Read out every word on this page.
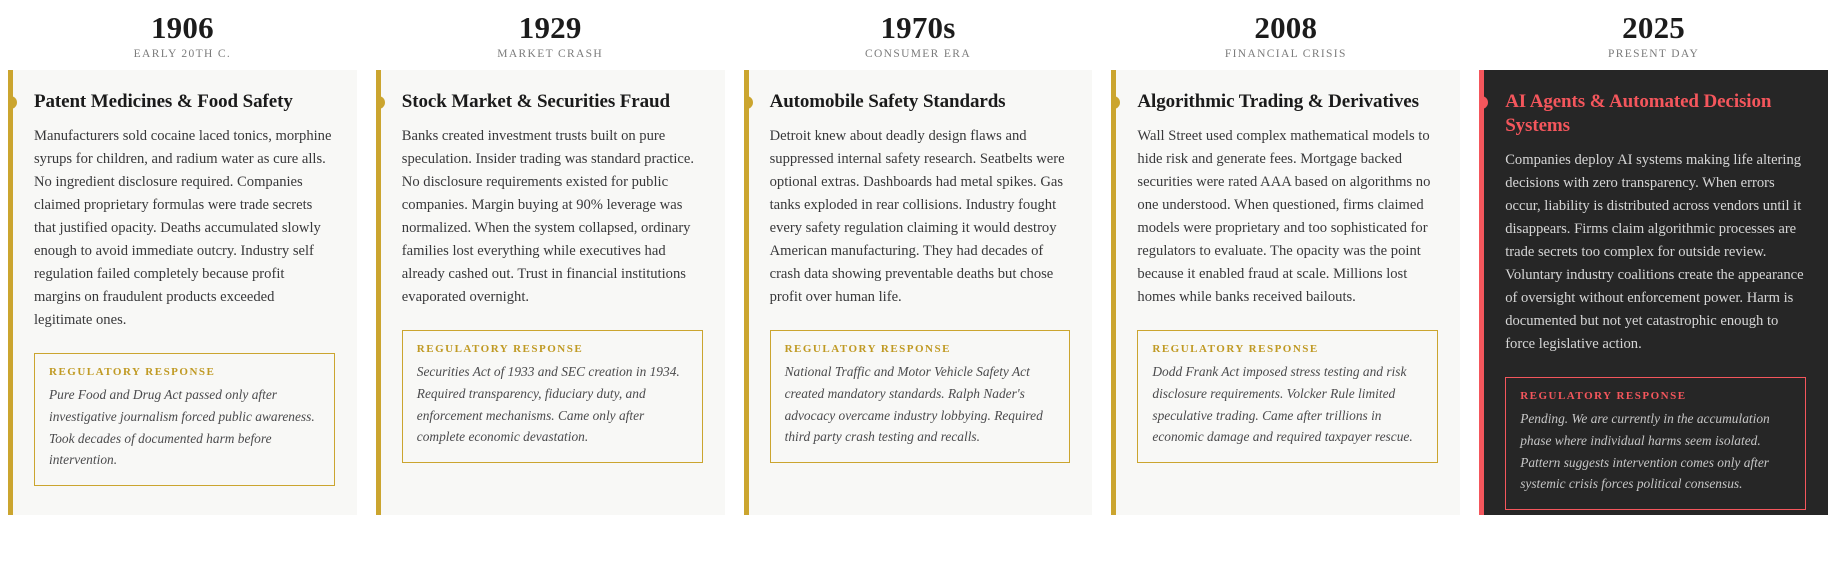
1906
EARLY 20TH C.
Patent Medicines & Food Safety

Manufacturers sold cocaine laced tonics, morphine syrups for children, and radium water as cure alls. No ingredient disclosure required. Companies claimed proprietary formulas were trade secrets that justified opacity. Deaths accumulated slowly enough to avoid immediate outcry. Industry self regulation failed completely because profit margins on fraudulent products exceeded legitimate ones.

REGULATORY RESPONSE

Pure Food and Drug Act passed only after investigative journalism forced public awareness. Took decades of documented harm before intervention.

1929
MARKET CRASH
Stock Market & Securities Fraud

Banks created investment trusts built on pure speculation. Insider trading was standard practice. No disclosure requirements existed for public companies. Margin buying at 90% leverage was normalized. When the system collapsed, ordinary families lost everything while executives had already cashed out. Trust in financial institutions evaporated overnight.

REGULATORY RESPONSE

Securities Act of 1933 and SEC creation in 1934. Required transparency, fiduciary duty, and enforcement mechanisms. Came only after complete economic devastation.

1970s
CONSUMER ERA
Automobile Safety Standards

Detroit knew about deadly design flaws and suppressed internal safety research. Seatbelts were optional extras. Dashboards had metal spikes. Gas tanks exploded in rear collisions. Industry fought every safety regulation claiming it would destroy American manufacturing. They had decades of crash data showing preventable deaths but chose profit over human life.

REGULATORY RESPONSE

National Traffic and Motor Vehicle Safety Act created mandatory standards. Ralph Nader's advocacy overcame industry lobbying. Required third party crash testing and recalls.

2008
FINANCIAL CRISIS
Algorithmic Trading & Derivatives

Wall Street used complex mathematical models to hide risk and generate fees. Mortgage backed securities were rated AAA based on algorithms no one understood. When questioned, firms claimed models were proprietary and too sophisticated for regulators to evaluate. The opacity was the point because it enabled fraud at scale. Millions lost homes while banks received bailouts.

REGULATORY RESPONSE

Dodd Frank Act imposed stress testing and risk disclosure requirements. Volcker Rule limited speculative trading. Came after trillions in economic damage and required taxpayer rescue.

2025
PRESENT DAY
AI Agents & Automated Decision Systems

Companies deploy AI systems making life altering decisions with zero transparency. When errors occur, liability is distributed across vendors until it disappears. Firms claim algorithmic processes are trade secrets too complex for outside review. Voluntary industry coalitions create the appearance of oversight without enforcement power. Harm is documented but not yet catastrophic enough to force legislative action.

REGULATORY RESPONSE

Pending. We are currently in the accumulation phase where individual harms seem isolated. Pattern suggests intervention comes only after systemic crisis forces political consensus.
